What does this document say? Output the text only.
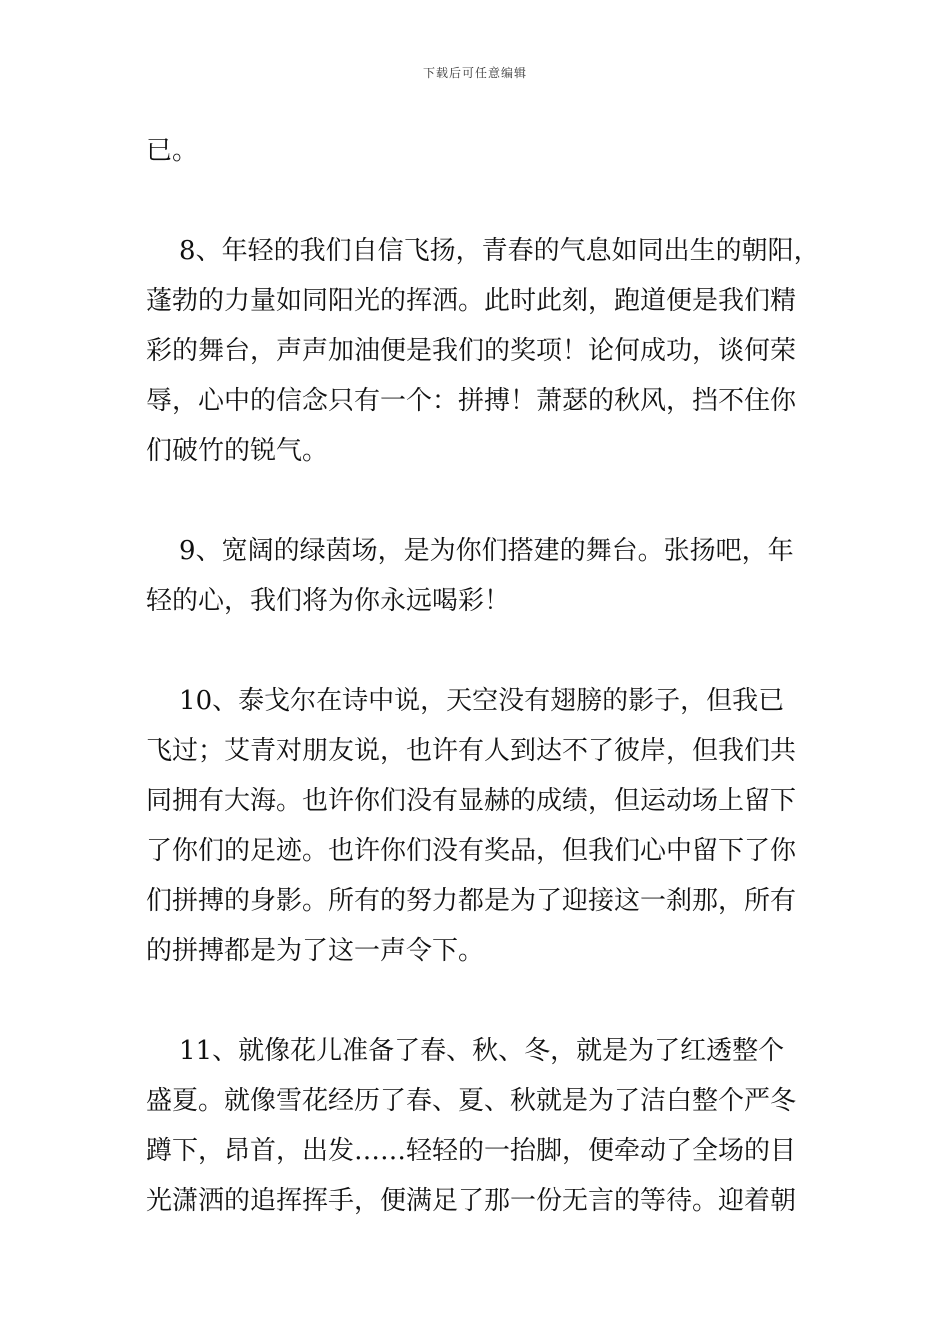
下载后可任意编辑
已。
8、年轻的我们自信飞扬，青春的气息如同出生的朝阳，
蓬勃的力量如同阳光的挥洒。此时此刻，跑道便是我们精
彩的舞台，声声加油便是我们的奖项！论何成功，谈何荣
辱，心中的信念只有一个：拼搏！萧瑟的秋风，挡不住你
们破竹的锐气。
9、宽阔的绿茵场，是为你们搭建的舞台。张扬吧，年
轻的心，我们将为你永远喝彩！
10、泰戈尔在诗中说，天空没有翅膀的影子，但我已
飞过；艾青对朋友说，也许有人到达不了彼岸，但我们共
同拥有大海。也许你们没有显赫的成绩，但运动场上留下
了你们的足迹。也许你们没有奖品，但我们心中留下了你
们拼搏的身影。所有的努力都是为了迎接这一刹那，所有
的拼搏都是为了这一声令下。
11、就像花儿准备了春、秋、冬，就是为了红透整个
盛夏。就像雪花经历了春、夏、秋就是为了洁白整个严冬
蹲下，昂首，出发……轻轻的一抬脚，便牵动了全场的目
光潇洒的追挥挥手，便满足了那一份无言的等待。迎着朝
